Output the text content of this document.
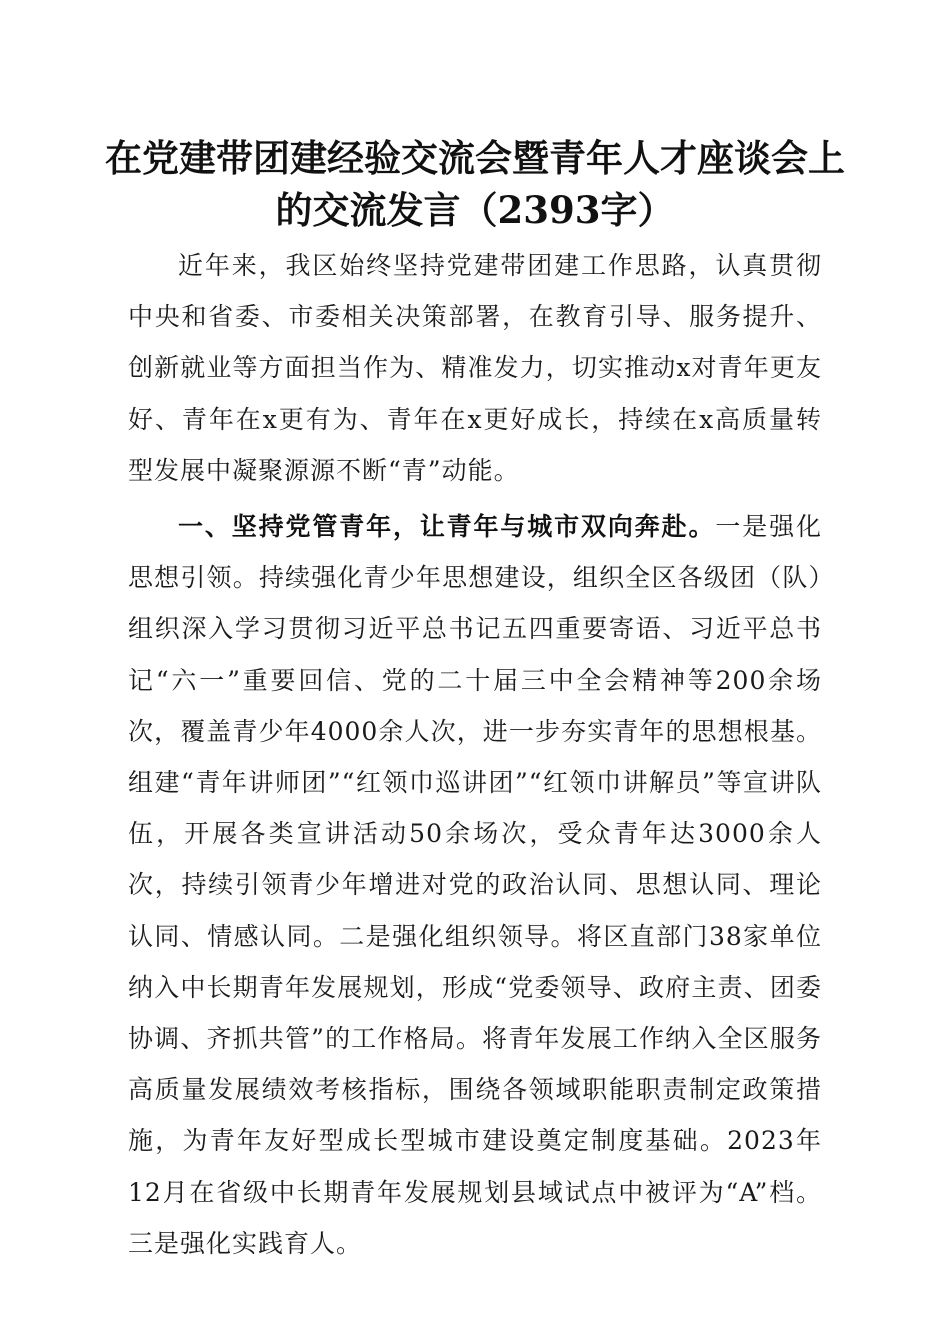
在党建带团建经验交流会暨青年人才座谈会上的交流发言（2393字）

近年来，我区始终坚持党建带团建工作思路，认真贯彻中央和省委、市委相关决策部署，在教育引导、服务提升、创新就业等方面担当作为、精准发力，切实推动x对青年更友好、青年在x更有为、青年在x更好成长，持续在x高质量转型发展中凝聚源源不断“青”动能。

一、坚持党管青年，让青年与城市双向奔赴。一是强化思想引领。持续强化青少年思想建设，组织全区各级团（队）组织深入学习贯彻习近平总书记五四重要寄语、习近平总书记“六一”重要回信、党的二十届三中全会精神等200余场次，覆盖青少年4000余人次，进一步夯实青年的思想根基。组建“青年讲师团”“红领巾巡讲团”“红领巾讲解员”等宣讲队伍，开展各类宣讲活动50余场次，受众青年达3000余人次，持续引领青少年增进对党的政治认同、思想认同、理论认同、情感认同。二是强化组织领导。将区直部门38家单位纳入中长期青年发展规划，形成“党委领导、政府主责、团委协调、齐抓共管”的工作格局。将青年发展工作纳入全区服务高质量发展绩效考核指标，围绕各领域职能职责制定政策措施，为青年友好型成长型城市建设奠定制度基础。2023年12月在省级中长期青年发展规划县域试点中被评为“A”档。三是强化实践育人。
